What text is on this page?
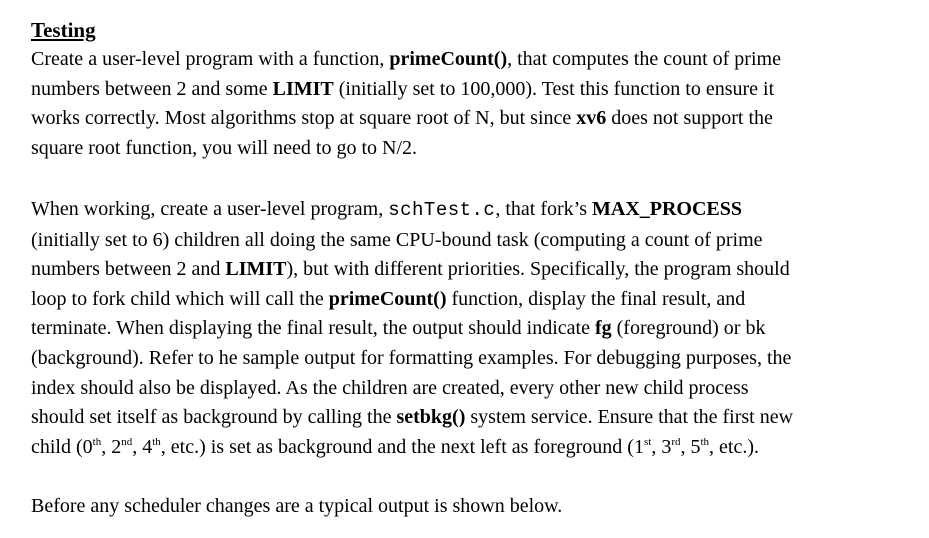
Testing
Create a user-level program with a function, primeCount(), that computes the count of prime
numbers between 2 and some LIMIT (initially set to 100,000). Test this function to ensure it
works correctly. Most algorithms stop at square root of N, but since xv6 does not support the
square root function, you will need to go to N/2.
When working, create a user-level program, schTest.c, that fork’s MAX_PROCESS
(initially set to 6) children all doing the same CPU-bound task (computing a count of prime
numbers between 2 and LIMIT), but with different priorities. Specifically, the program should
loop to fork child which will call the primeCount() function, display the final result, and
terminate. When displaying the final result, the output should indicate fg (foreground) or bk
(background). Refer to he sample output for formatting examples. For debugging purposes, the
index should also be displayed. As the children are created, every other new child process
should set itself as background by calling the setbkg() system service. Ensure that the first new
child (0th, 2nd, 4th, etc.) is set as background and the next left as foreground (1st, 3rd, 5th, etc.).
Before any scheduler changes are a typical output is shown below.
